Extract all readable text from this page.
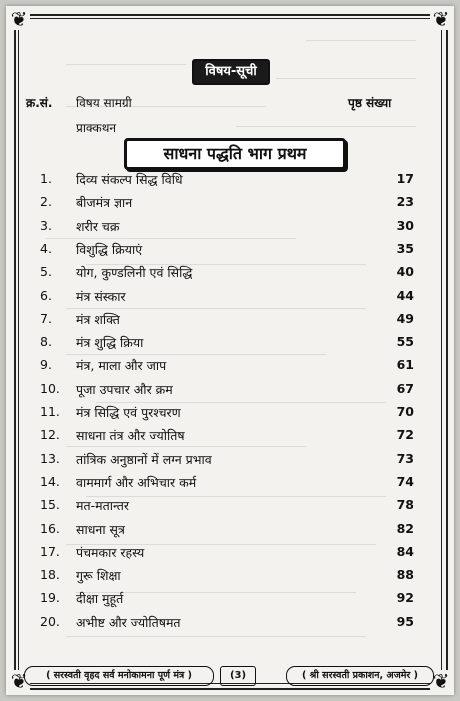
❦	❦
❦	❦
विषय-सूची
क्र.सं. विषय सामग्री	पृष्ठ संख्या
प्राक्कथन
साधना पद्धति भाग प्रथम
1.	दिव्य संकल्प सिद्ध विधि	17
2.	बीजमंत्र ज्ञान	23
3.	शरीर चक्र	30
4.	विशुद्धि क्रियाएं	35
5.	योग, कुण्डलिनी एवं सिद्धि	40
6.	मंत्र संस्कार	44
7.	मंत्र शक्ति	49
8.	मंत्र शुद्धि क्रिया	55
9.	मंत्र, माला और जाप	61
10.	पूजा उपचार और क्रम	67
11.	मंत्र सिद्धि एवं पुरश्चरण	70
12.	साधना तंत्र और ज्योतिष	72
13.	तांत्रिक अनुष्ठानों में लग्न प्रभाव	73
14.	वाममार्ग और अभिचार कर्म	74
15.	मत-मतान्तर	78
16.	साधना सूत्र	82
17.	पंचमकार रहस्य	84
18.	गुरू शिक्षा	88
19.	दीक्षा मुहूर्त	92
20.	अभीष्ट और ज्योतिषमत	95
( सरस्वती वृहद सर्व मनोकामना पूर्ण मंत्र )	(3)	( श्री सरस्वती प्रकाशन, अजमेर )
